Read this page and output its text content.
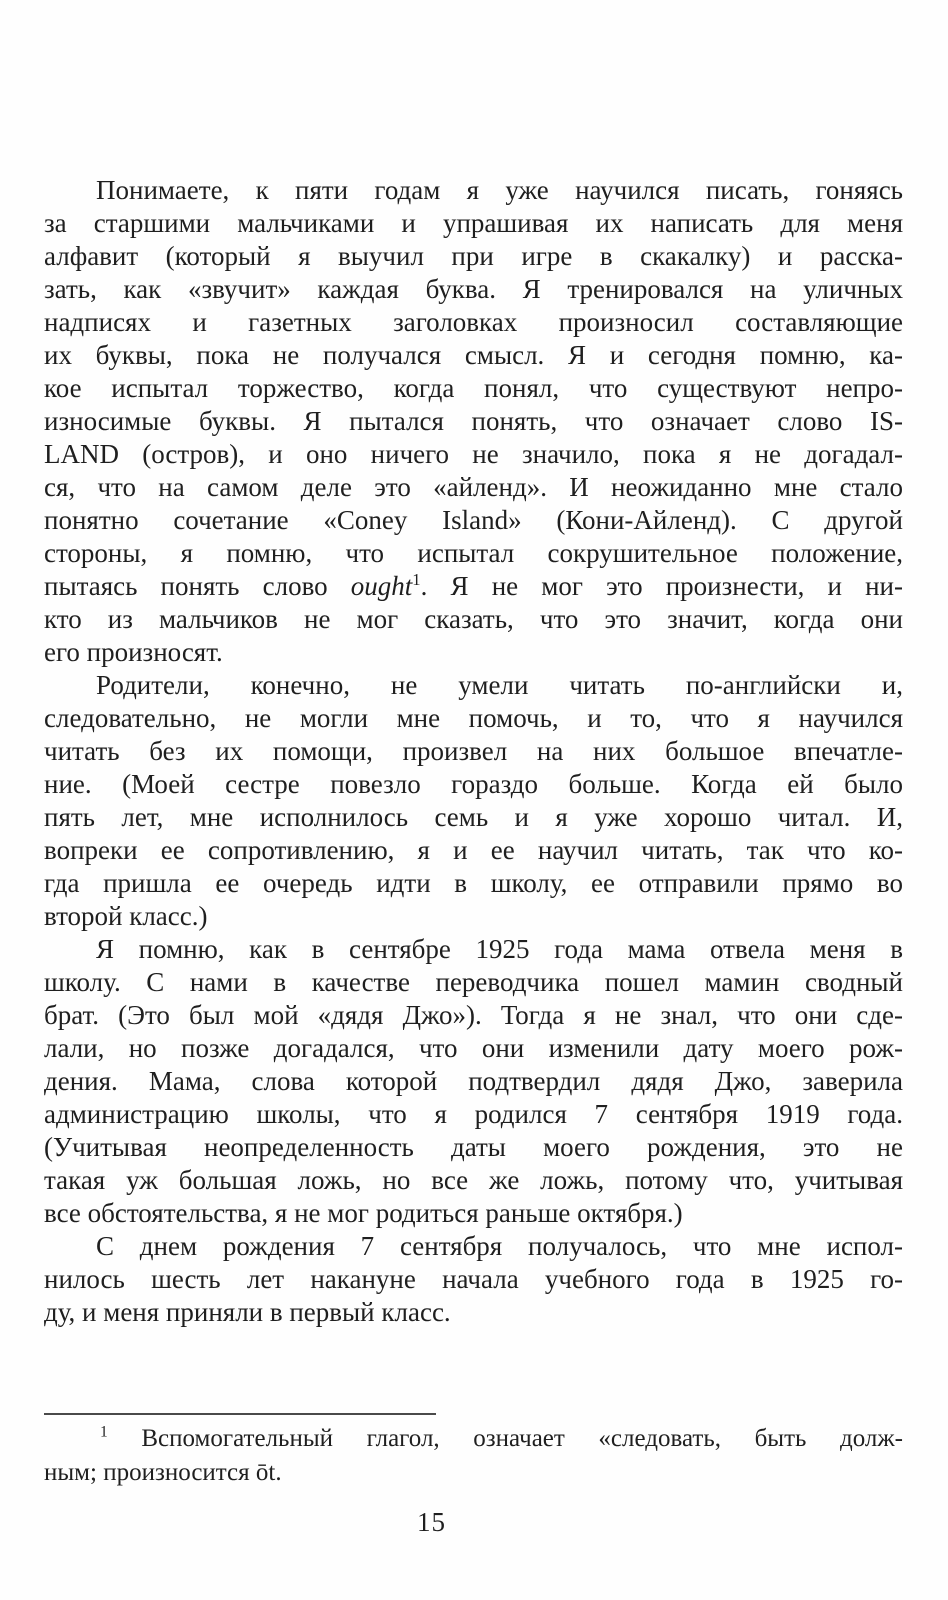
Понимаете, к пяти годам я уже научился писать, гоняясь
за старшими мальчиками и упрашивая их написать для меня
алфавит (который я выучил при игре в скакалку) и расска-
зать, как «звучит» каждая буква. Я тренировался на уличных
надписях и газетных заголовках произносил составляющие
их буквы, пока не получался смысл. Я и сегодня помню, ка-
кое испытал торжество, когда понял, что существуют непро-
износимые буквы. Я пытался понять, что означает слово IS-
LAND (остров), и оно ничего не значило, пока я не догадал-
ся, что на самом деле это «айленд». И неожиданно мне стало
понятно сочетание «Coney Island» (Кони-Айленд). С другой
стороны, я помню, что испытал сокрушительное положение,
пытаясь понять слово ought$^1$. Я не мог это произнести, и ни-
кто из мальчиков не мог сказать, что это значит, когда они
его произносят.
Родители, конечно, не умели читать по-английски и,
следовательно, не могли мне помочь, и то, что я научился
читать без их помощи, произвел на них большое впечатле-
ние. (Моей сестре повезло гораздо больше. Когда ей было
пять лет, мне исполнилось семь и я уже хорошо читал. И,
вопреки ее сопротивлению, я и ее научил читать, так что ко-
гда пришла ее очередь идти в школу, ее отправили прямо во
второй класс.)
Я помню, как в сентябре 1925 года мама отвела меня в
школу. С нами в качестве переводчика пошел мамин сводный
брат. (Это был мой «дядя Джо»). Тогда я не знал, что они сде-
лали, но позже догадался, что они изменили дату моего рож-
дения. Мама, слова которой подтвердил дядя Джо, заверила
администрацию школы, что я родился 7 сентября 1919 года.
(Учитывая неопределенность даты моего рождения, это не
такая уж большая ложь, но все же ложь, потому что, учитывая
все обстоятельства, я не мог родиться раньше октября.)
С днем рождения 7 сентября получалось, что мне испол-
нилось шесть лет накануне начала учебного года в 1925 го-
ду, и меня приняли в первый класс.
$^1$ Вспомогательный глагол, означает «следовать, быть долж-
ным; произносится ōt.
15
